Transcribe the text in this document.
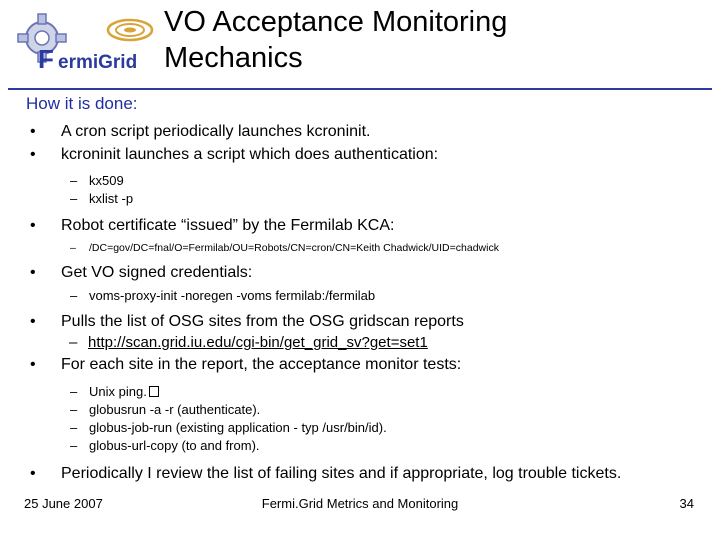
F ermiGrid
VO Acceptance Monitoring
Mechanics
How it is done:
• A cron script periodically launches kcroninit.
• kcroninit launches a script which does authentication:
– kx509
– kxlist -p
• Robot certificate “issued” by the Fermilab KCA:
– /DC=gov/DC=fnal/O=Fermilab/OU=Robots/CN=cron/CN=Keith Chadwick/UID=chadwick
• Get VO signed credentials:
– voms-proxy-init -noregen -voms fermilab:/fermilab
• Pulls the list of OSG sites from the OSG gridscan reports
– http://scan.grid.iu.edu/cgi-bin/get_grid_sv?get=set1
• For each site in the report, the acceptance monitor tests:
– Unix ping.
– globusrun -a -r (authenticate).
– globus-job-run (existing application - typ /usr/bin/id).
– globus-url-copy (to and from).
• Periodically I review the list of failing sites and if appropriate, log trouble tickets.
25 June 2007	Fermi.Grid Metrics and Monitoring	34
